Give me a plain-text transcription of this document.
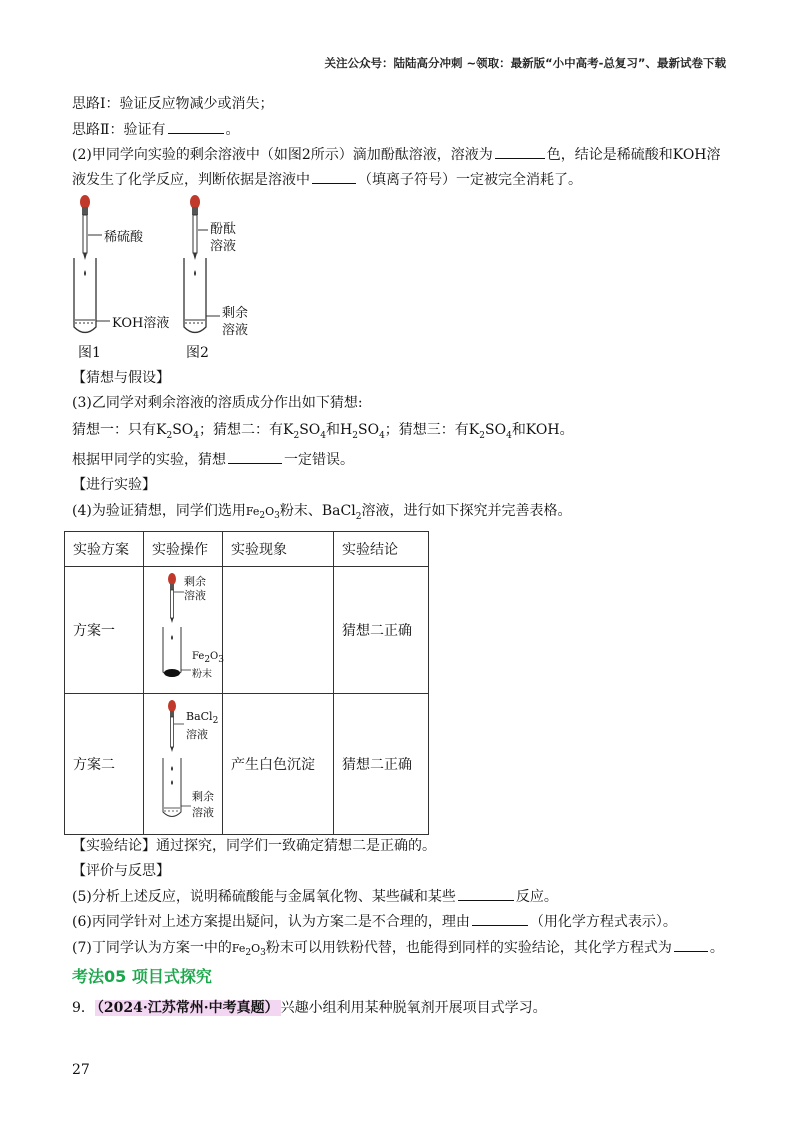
关注公众号：陆陆高分冲刺 ~领取：最新版“小中高考-总复习”、最新试卷下载
思路Ⅰ：验证反应物减少或消失；
思路Ⅱ：验证有	。
(2)甲同学向实验的剩余溶液中（如图2所示）滴加酚酞溶液，溶液为	色，结论是稀硫酸和KOH溶
液发生了化学反应，判断依据是溶液中	（填离子符号）一定被完全消耗了。
稀硫酸
KOH溶液
酚酞
溶液
剩余
溶液
图1	图2
【猜想与假设】
(3)乙同学对剩余溶液的溶质成分作出如下猜想:
猜想一：只有$K_2SO_4$；猜想二：有$K_2SO_4$和$H_2SO_4$；猜想三：有$K_2SO_4$和KOH。
根据甲同学的实验，猜想	一定错误。
【进行实验】
(4)为验证猜想，同学们选用$Fe_2O_3$粉末、BaCl$_2$溶液，进行如下探究并完善表格。
实验方案	实验操作	实验现象	实验结论
方案一	剩余
溶液
$Fe_2O_3$
粉末		猜想二正确
方案二	BaCl$_2$
溶液
剩余
溶液	产生白色沉淀	猜想二正确
【实验结论】通过探究，同学们一致确定猜想二是正确的。
【评价与反思】
(5)分析上述反应，说明稀硫酸能与金属氧化物、某些碱和某些	反应。
(6)丙同学针对上述方案提出疑问，认为方案二是不合理的，理由	（用化学方程式表示）。
(7)丁同学认为方案一中的$Fe_2O_3$粉末可以用铁粉代替，也能得到同样的实验结论，其化学方程式为	。
考法05 项目式探究
9． （2024·江苏常州·中考真题） 兴趣小组利用某种脱氧剂开展项目式学习。
27
